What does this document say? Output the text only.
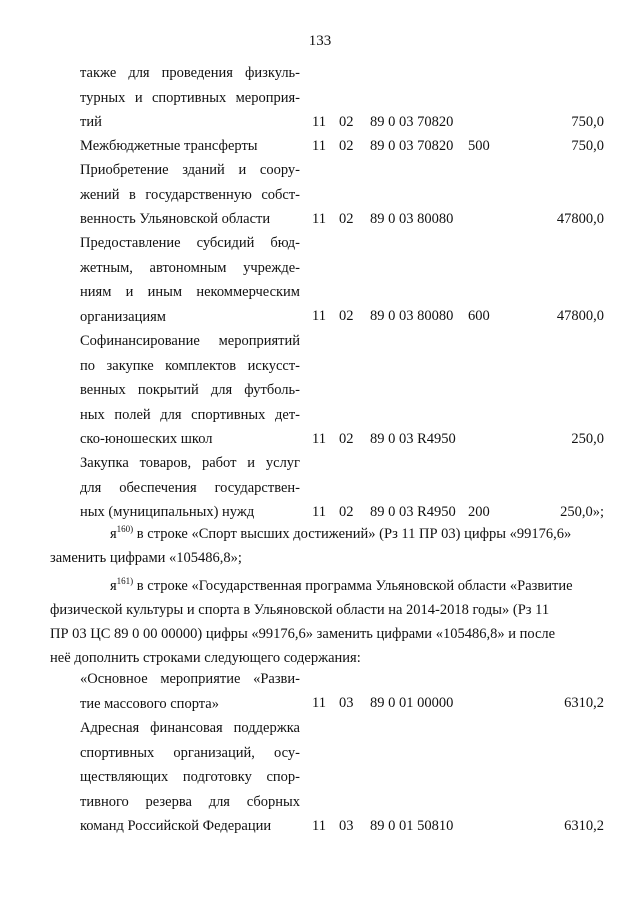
133
также для проведения физкуль-
турных и спортивных мероприя-
тий	11 02 89 0 03 70820	750,0
Межбюджетные трансферты	11 02 89 0 03 70820 500	750,0
Приобретение зданий и соору-
жений в государственную собст-
венность Ульяновской области	11 02 89 0 03 80080	47800,0
Предоставление субсидий бюд-
жетным, автономным учрежде-
ниям и иным некоммерческим
организациям	11 02 89 0 03 80080 600	47800,0
Софинансирование мероприятий
по закупке комплектов искусст-
венных покрытий для футболь-
ных полей для спортивных дет-
ско-юношеских школ	11 02 89 0 03 R4950	250,0
Закупка товаров, работ и услуг
для обеспечения государствен-
ных (муниципальных) нужд	11 02 89 0 03 R4950 200	250,0»;

$я^{160)}$ в строке «Спорт высших достижений» (Рз 11 ПР 03) цифры «99176,6»

заменить цифрами «105486,8»;

$я^{161)}$ в строке «Государственная программа Ульяновской области «Развитие

физической культуры и спорта в Ульяновской области на 2014-2018 годы» (Рз 11

ПР 03 ЦС 89 0 00 00000) цифры «99176,6» заменить цифрами «105486,8» и после

неё дополнить строками следующего содержания:

«Основное мероприятие «Разви-
тие массового спорта»	11 03 89 0 01 00000	6310,2
Адресная финансовая поддержка
спортивных организаций, осу-
ществляющих подготовку спор-
тивного резерва для сборных
команд Российской Федерации	11 03 89 0 01 50810	6310,2
